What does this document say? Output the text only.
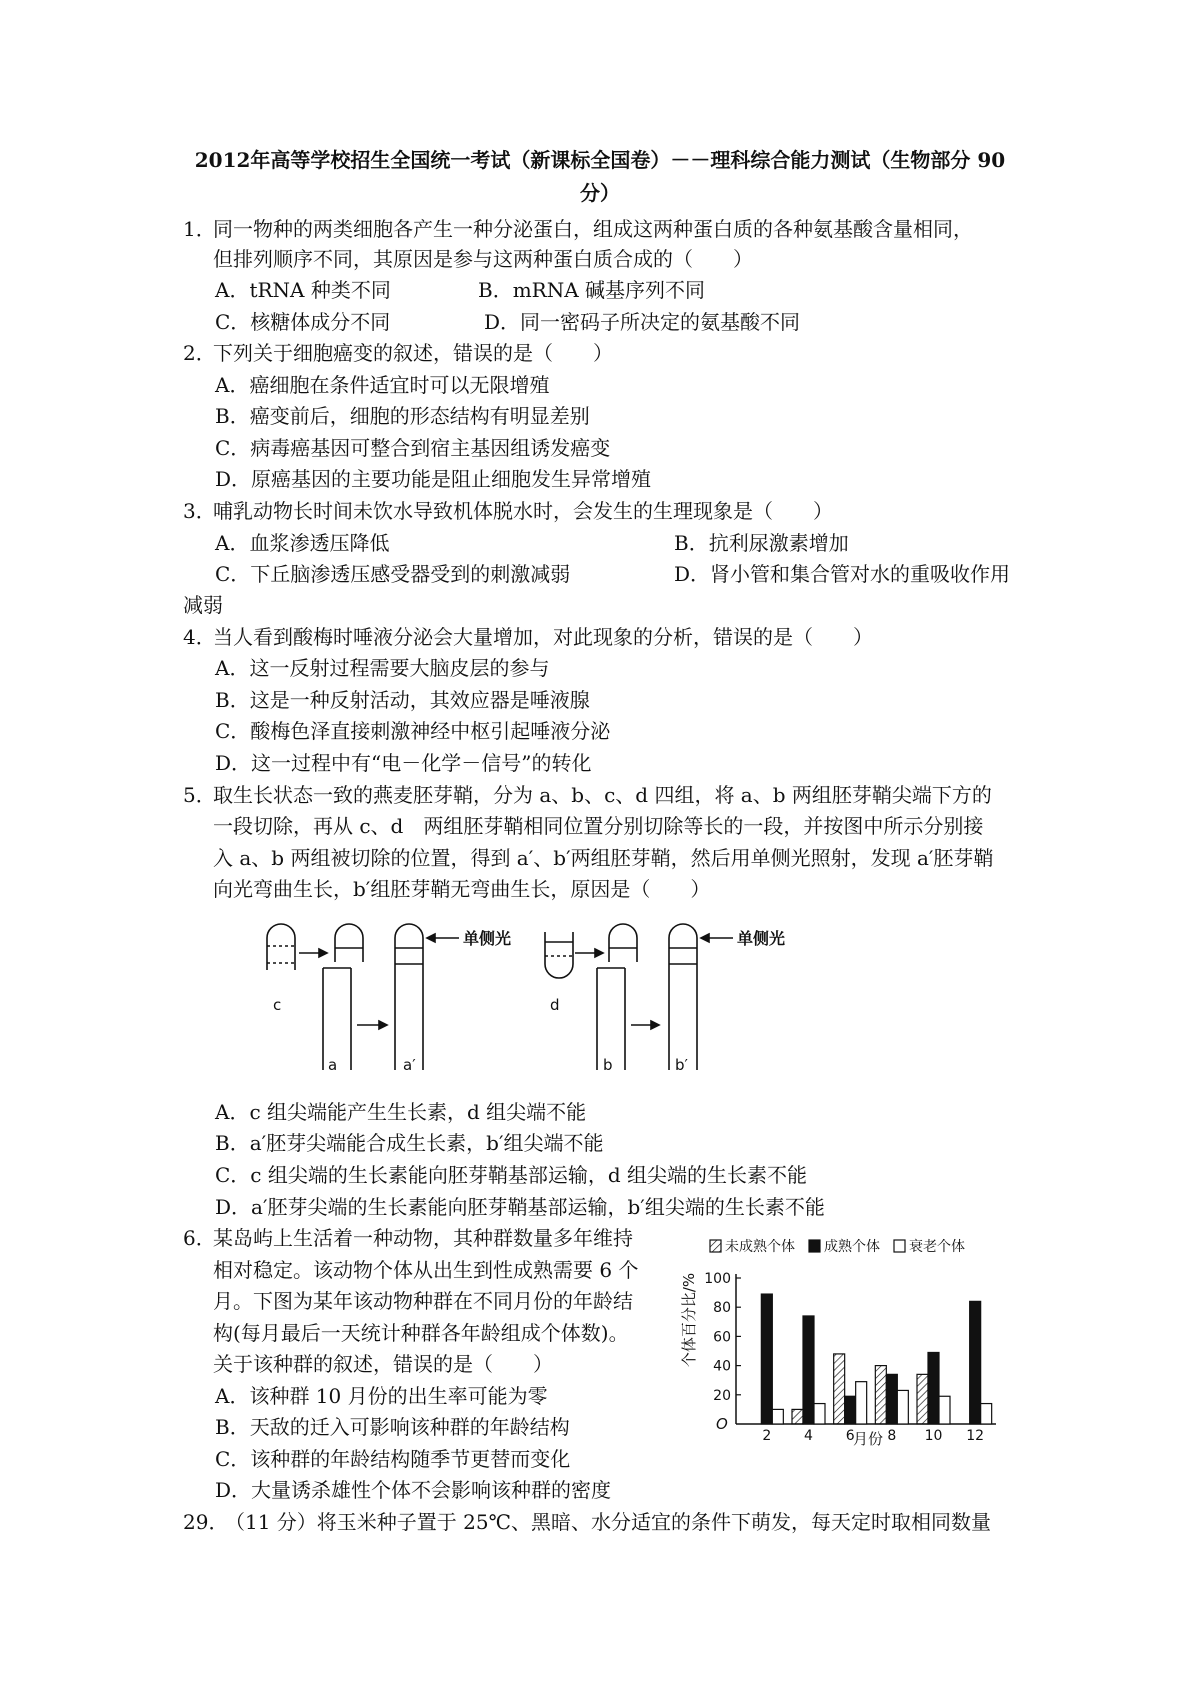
2012年高等学校招生全国统一考试（新课标全国卷）－－理科综合能力测试（生物部分 90
分）
1．
同一物种的两类细胞各产生一种分泌蛋白，组成这两种蛋白质的各种氨基酸含量相同，
但排列顺序不同，其原因是参与这两种蛋白质合成的（　　）
A．tRNA 种类不同	B．mRNA 碱基序列不同
C．核糖体成分不同	D．同一密码子所决定的氨基酸不同
2．
下列关于细胞癌变的叙述，错误的是（　　）
A．癌细胞在条件适宜时可以无限增殖
B．癌变前后，细胞的形态结构有明显差别
C．病毒癌基因可整合到宿主基因组诱发癌变
D．原癌基因的主要功能是阻止细胞发生异常增殖
3．
哺乳动物长时间未饮水导致机体脱水时，会发生的生理现象是（　　）
A．血浆渗透压降低	B．抗利尿激素增加
C．下丘脑渗透压感受器受到的刺激减弱	D．肾小管和集合管对水的重吸收作用
减弱
4．
当人看到酸梅时唾液分泌会大量增加，对此现象的分析，错误的是（　　）
A．这一反射过程需要大脑皮层的参与
B．这是一种反射活动，其效应器是唾液腺
C．酸梅色泽直接刺激神经中枢引起唾液分泌
D．这一过程中有“电－化学－信号”的转化
5．
取生长状态一致的燕麦胚芽鞘，分为 a、b、c、d 四组，将 a、b 两组胚芽鞘尖端下方的
一段切除，再从 c、d　两组胚芽鞘相同位置分别切除等长的一段，并按图中所示分别接
入 a、b 两组被切除的位置，得到 a′、b′两组胚芽鞘，然后用单侧光照射，发现 a′胚芽鞘
向光弯曲生长，b′组胚芽鞘无弯曲生长，原因是（　　）
单侧光	单侧光
c	d
a	a′	b	b′
A．c 组尖端能产生生长素，d 组尖端不能
B．a′胚芽尖端能合成生长素，b′组尖端不能
C．c 组尖端的生长素能向胚芽鞘基部运输，d 组尖端的生长素不能
D．a′胚芽尖端的生长素能向胚芽鞘基部运输，b′组尖端的生长素不能
6．
某岛屿上生活着一种动物，其种群数量多年维持
相对稳定。该动物个体从出生到性成熟需要 6 个
月。下图为某年该动物种群在不同月份的年龄结
构(每月最后一天统计种群各年龄组成个体数)。
关于该种群的叙述，错误的是（　　）
A．该种群 10 月份的出生率可能为零
B．天敌的迁入可影响该种群的年龄结构
C．该种群的年龄结构随季节更替而变化
D．大量诱杀雄性个体不会影响该种群的密度
未成熟个体 成熟个体 衰老个体
20
40
60
80
100
2 4 6 8 10 12
个体百分比/%
月份
O
29．
（11 分）将玉米种子置于 25℃、黑暗、水分适宜的条件下萌发，每天定时取相同数量
